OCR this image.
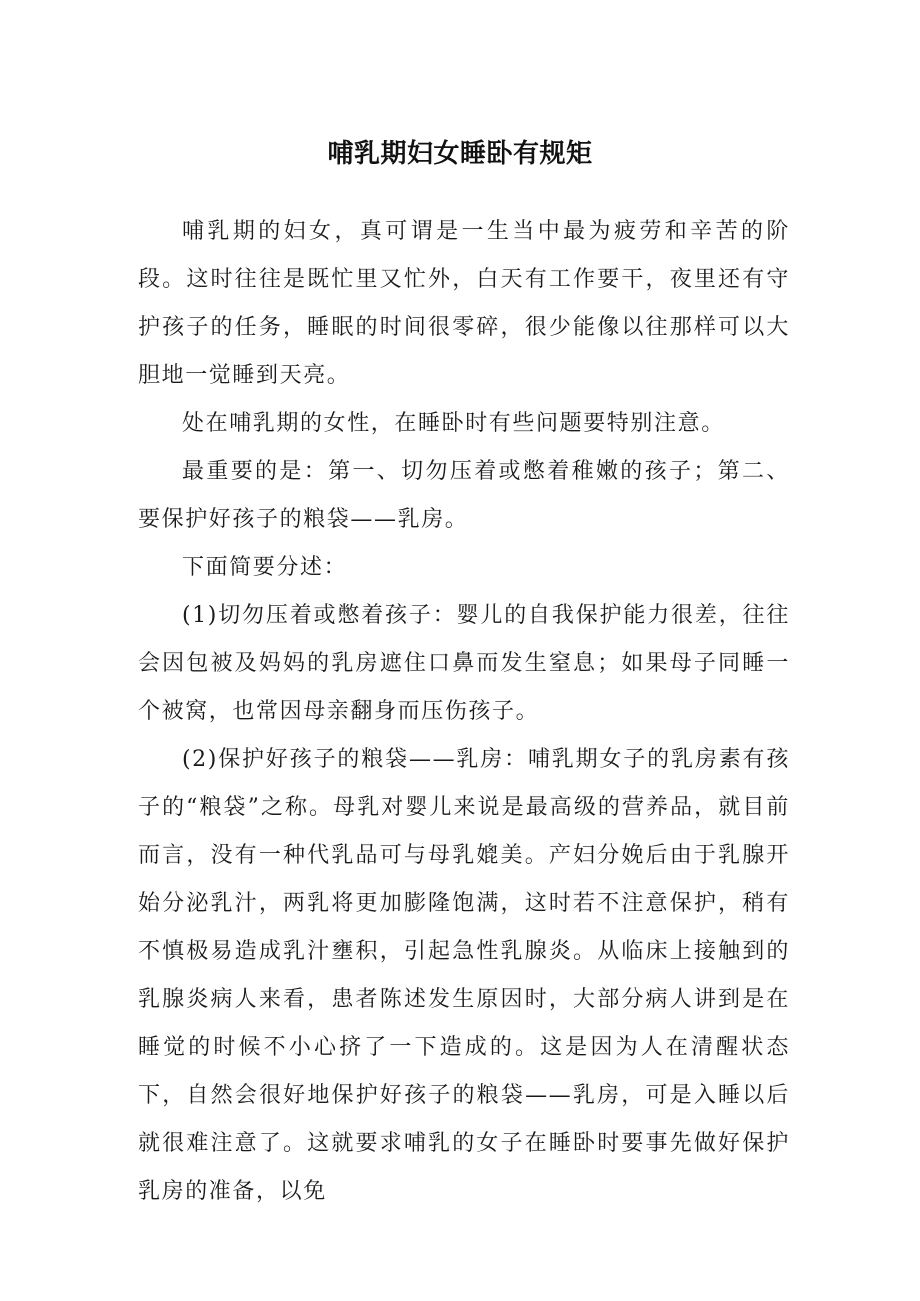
哺乳期妇女睡卧有规矩

哺乳期的妇女，真可谓是一生当中最为疲劳和辛苦的阶段。这时往往是既忙里又忙外，白天有工作要干，夜里还有守护孩子的任务，睡眠的时间很零碎，很少能像以往那样可以大胆地一觉睡到天亮。

处在哺乳期的女性，在睡卧时有些问题要特别注意。

最重要的是：第一、切勿压着或憋着稚嫩的孩子；第二、要保护好孩子的粮袋——乳房。

下面简要分述：

(1)切勿压着或憋着孩子：婴儿的自我保护能力很差，往往会因包被及妈妈的乳房遮住口鼻而发生窒息；如果母子同睡一个被窝，也常因母亲翻身而压伤孩子。

(2)保护好孩子的粮袋——乳房：哺乳期女子的乳房素有孩子的“粮袋”之称。母乳对婴儿来说是最高级的营养品，就目前而言，没有一种代乳品可与母乳媲美。产妇分娩后由于乳腺开始分泌乳汁，两乳将更加膨隆饱满，这时若不注意保护，稍有不慎极易造成乳汁壅积，引起急性乳腺炎。从临床上接触到的乳腺炎病人来看，患者陈述发生原因时，大部分病人讲到是在睡觉的时候不小心挤了一下造成的。这是因为人在清醒状态下，自然会很好地保护好孩子的粮袋——乳房，可是入睡以后就很难注意了。这就要求哺乳的女子在睡卧时要事先做好保护乳房的准备，以免
